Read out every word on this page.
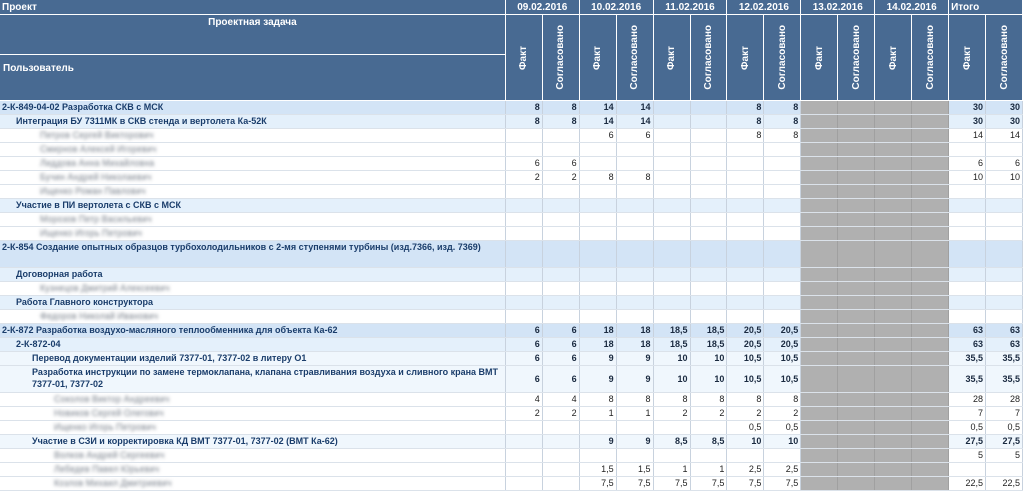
Проект	09.02.2016		10.02.2016		11.02.2016		12.02.2016		13.02.2016		14.02.2016		Итого	

Проектная задача
Пользователь	Факт	Согласовано	Факт	Согласовано	Факт	Согласовано	Факт	Согласовано	Факт	Согласовано	Факт	Согласовано	Факт	Согласовано

2-К-849-04-02 Разработка СКВ с МСК	8	8	14	14			8	8					30	30
Интеграция БУ 7311МК в СКВ стенда и вертолета Ка-52К	8	8	14	14			8	8					30	30
Петров Сергей Викторович			6	6			8	8					14	14
Смирнов Алексей Игоревич														
Лиддова Анна Михайловна	6	6											6	6
Бучин Андрей Николаевич	2	2	8	8									10	10
Ищенко Роман Павлович														
Участие в ПИ вертолета с СКВ с МСК														
Морозов Петр Васильевич														
Ищенко Игорь Петрович														
2-К-854 Создание опытных образцов турбохолодильников с 2-мя ступенями турбины (изд.7366, изд. 7369)														
Договорная работа														
Кузнецов Дмитрий Алексеевич														
Работа Главного конструктора														
Федоров Николай Иванович														
2-К-872 Разработка воздухо-масляного теплообменника для объекта Ка-62	6	6	18	18	18,5	18,5	20,5	20,5					63	63
2-К-872-04	6	6	18	18	18,5	18,5	20,5	20,5					63	63
Перевод документации изделий 7377-01, 7377-02 в литеру О1	6	6	9	9	10	10	10,5	10,5					35,5	35,5
Разработка инструкции по замене термоклапана, клапана стравливания воздуха и сливного крана ВМТ 7377-01, 7377-02	6	6	9	9	10	10	10,5	10,5					35,5	35,5
Соколов Виктор Андреевич	4	4	8	8	8	8	8	8					28	28
Новиков Сергей Олегович	2	2	1	1	2	2	2	2					7	7
Ищенко Игорь Петрович							0,5	0,5					0,5	0,5
Участие в СЗИ и корректировка КД ВМТ 7377-01, 7377-02 (ВМТ Ка-62)			9	9	8,5	8,5	10	10					27,5	27,5
Волков Андрей Сергеевич													5	5
Лебедев Павел Юрьевич			1,5	1,5	1	1	2,5	2,5						
Козлов Михаил Дмитриевич			7,5	7,5	7,5	7,5	7,5	7,5					22,5	22,5
